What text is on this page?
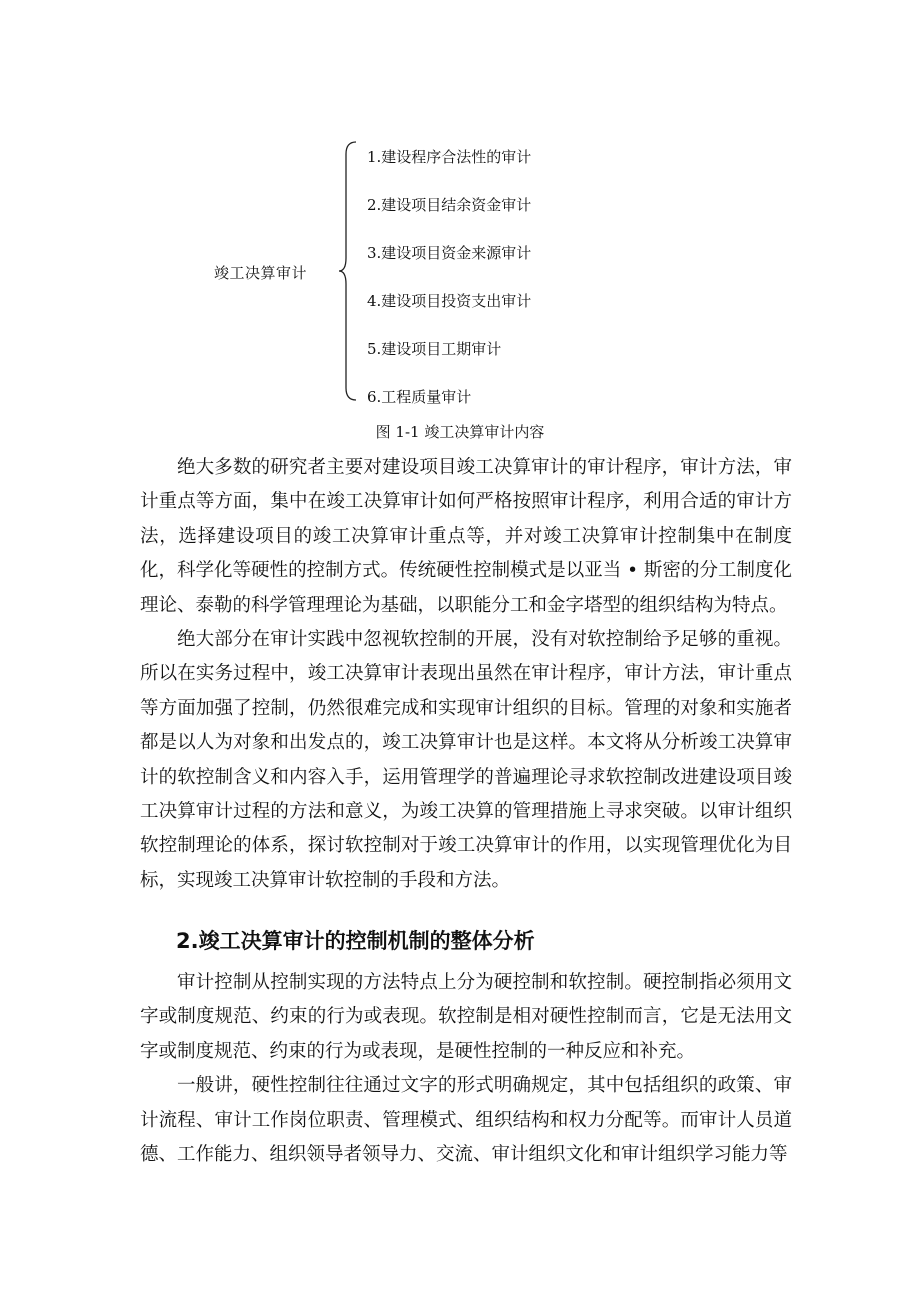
竣工决算审计
1.建设程序合法性的审计
2.建设项目结余资金审计
3.建设项目资金来源审计
4.建设项目投资支出审计
5.建设项目工期审计
6.工程质量审计
图 1-1 竣工决算审计内容

绝大多数的研究者主要对建设项目竣工决算审计的审计程序，审计方法，审计重点等方面，集中在竣工决算审计如何严格按照审计程序，利用合适的审计方法，选择建设项目的竣工决算审计重点等，并对竣工决算审计控制集中在制度化，科学化等硬性的控制方式。传统硬性控制模式是以亚当 • 斯密的分工制度化理论、泰勒的科学管理理论为基础，以职能分工和金字塔型的组织结构为特点。

绝大部分在审计实践中忽视软控制的开展，没有对软控制给予足够的重视。所以在实务过程中，竣工决算审计表现出虽然在审计程序，审计方法，审计重点等方面加强了控制，仍然很难完成和实现审计组织的目标。管理的对象和实施者都是以人为对象和出发点的，竣工决算审计也是这样。本文将从分析竣工决算审计的软控制含义和内容入手，运用管理学的普遍理论寻求软控制改进建设项目竣工决算审计过程的方法和意义，为竣工决算的管理措施上寻求突破。以审计组织软控制理论的体系，探讨软控制对于竣工决算审计的作用，以实现管理优化为目标，实现竣工决算审计软控制的手段和方法。

2.竣工决算审计的控制机制的整体分析

审计控制从控制实现的方法特点上分为硬控制和软控制。硬控制指必须用文字或制度规范、约束的行为或表现。软控制是相对硬性控制而言，它是无法用文字或制度规范、约束的行为或表现，是硬性控制的一种反应和补充。

一般讲，硬性控制往往通过文字的形式明确规定，其中包括组织的政策、审计流程、审计工作岗位职责、管理模式、组织结构和权力分配等。而审计人员道德、工作能力、组织领导者领导力、交流、审计组织文化和审计组织学习能力等
